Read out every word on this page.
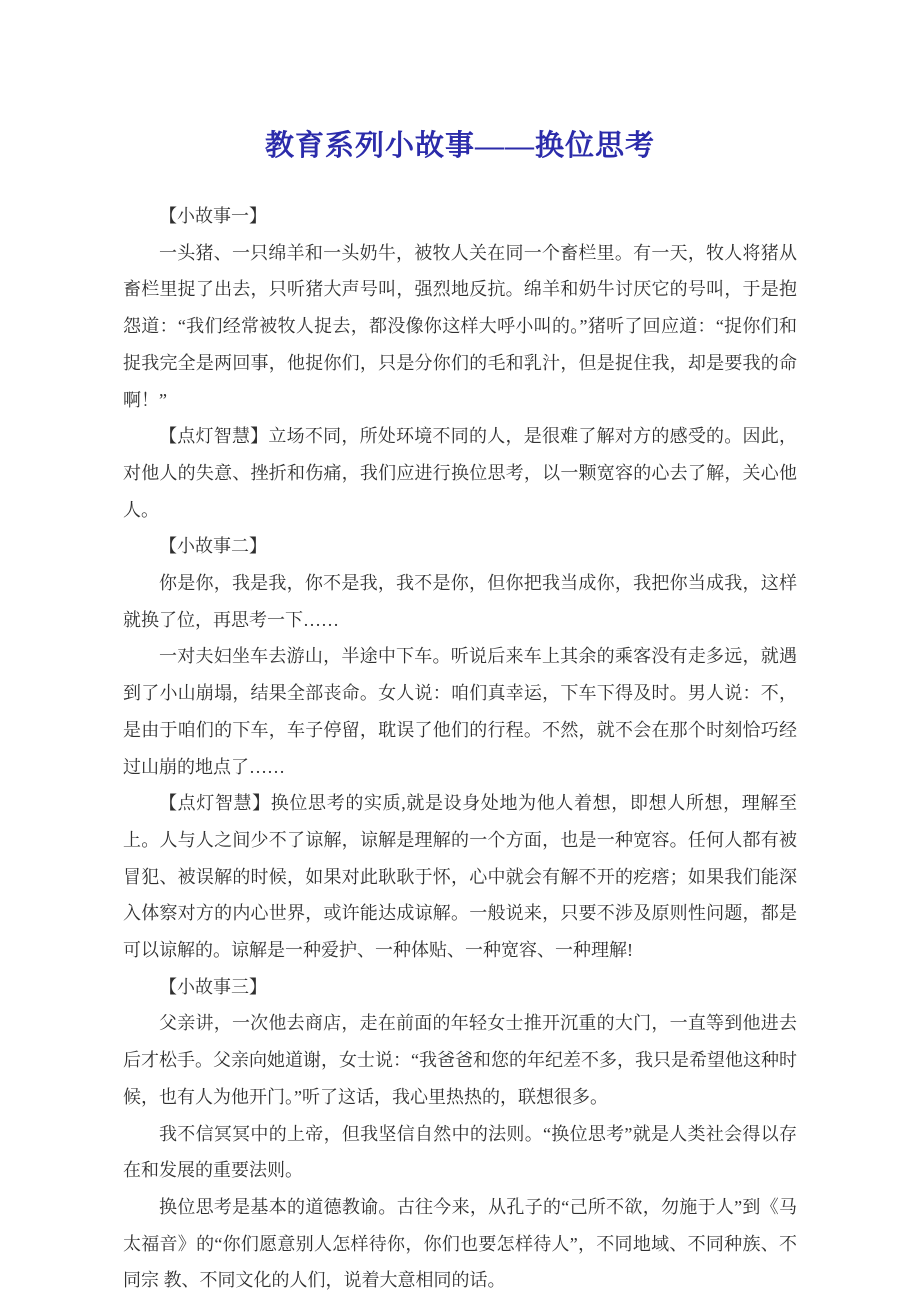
教育系列小故事——换位思考

【小故事一】

一头猪、一只绵羊和一头奶牛，被牧人关在同一个畜栏里。有一天，牧人将猪从畜栏里捉了出去，只听猪大声号叫，强烈地反抗。绵羊和奶牛讨厌它的号叫，于是抱怨道：“我们经常被牧人捉去，都没像你这样大呼小叫的。”猪听了回应道：“捉你们和捉我完全是两回事，他捉你们，只是分你们的毛和乳汁，但是捉住我，却是要我的命啊！”

【点灯智慧】立场不同，所处环境不同的人，是很难了解对方的感受的。因此，对他人的失意、挫折和伤痛，我们应进行换位思考，以一颗宽容的心去了解，关心他人。

【小故事二】

你是你，我是我，你不是我，我不是你，但你把我当成你，我把你当成我，这样就换了位，再思考一下……

一对夫妇坐车去游山，半途中下车。听说后来车上其余的乘客没有走多远，就遇到了小山崩塌，结果全部丧命。女人说：咱们真幸运，下车下得及时。男人说：不，是由于咱们的下车，车子停留，耽误了他们的行程。不然，就不会在那个时刻恰巧经过山崩的地点了……

【点灯智慧】换位思考的实质,就是设身处地为他人着想，即想人所想，理解至上。人与人之间少不了谅解，谅解是理解的一个方面，也是一种宽容。任何人都有被冒犯、被误解的时候，如果对此耿耿于怀，心中就会有解不开的疙瘩；如果我们能深入体察对方的内心世界，或许能达成谅解。一般说来，只要不涉及原则性问题，都是可以谅解的。谅解是一种爱护、一种体贴、一种宽容、一种理解!

【小故事三】

父亲讲，一次他去商店，走在前面的年轻女士推开沉重的大门，一直等到他进去后才松手。父亲向她道谢，女士说：“我爸爸和您的年纪差不多，我只是希望他这种时候，也有人为他开门。”听了这话，我心里热热的，联想很多。

我不信冥冥中的上帝，但我坚信自然中的法则。“换位思考”就是人类社会得以存在和发展的重要法则。

换位思考是基本的道德教谕。古往今来，从孔子的“己所不欲，勿施于人”到《马太福音》的“你们愿意别人怎样待你，你们也要怎样待人”，不同地域、不同种族、不同宗 教、不同文化的人们，说着大意相同的话。
